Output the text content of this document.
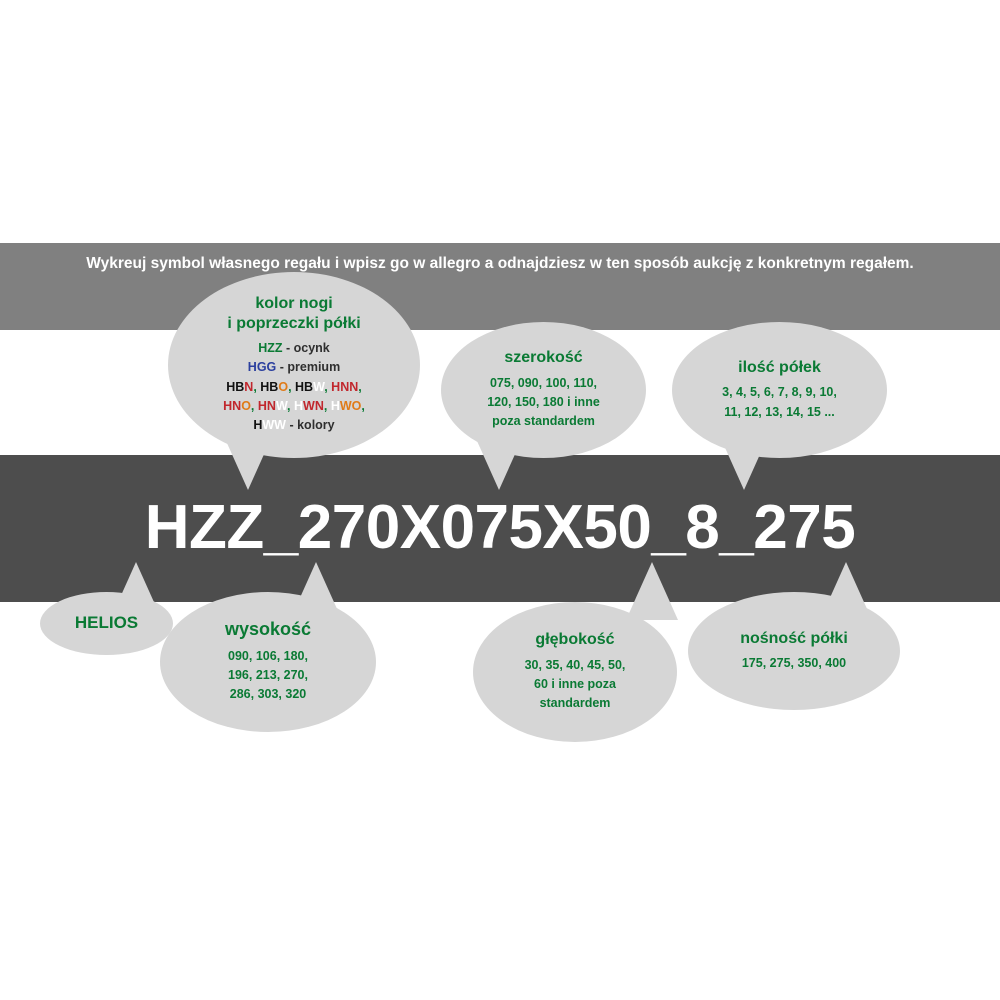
Wykreuj symbol własnego regału i wpisz go w allegro a odnajdziesz w ten sposób aukcję z konkretnym regałem.
HZZ_270X075X50_8_275
kolor nogi
i poprzeczki półki
HZZ - ocynk
HGG - premium
HBN, HBO, HBW, HNN,
HNO, HNW, HWN, HWO,
HWW - kolory
szerokość
075, 090, 100, 110,
120, 150, 180 i inne
poza standardem
ilość półek
3, 4, 5, 6, 7, 8, 9, 10,
11, 12, 13, 14, 15 ...
HELIOS	wysokość
090, 106, 180,
196, 213, 270,
286, 303, 320
głębokość
30, 35, 40, 45, 50,
60 i inne poza
standardem
nośność półki
175, 275, 350, 400
